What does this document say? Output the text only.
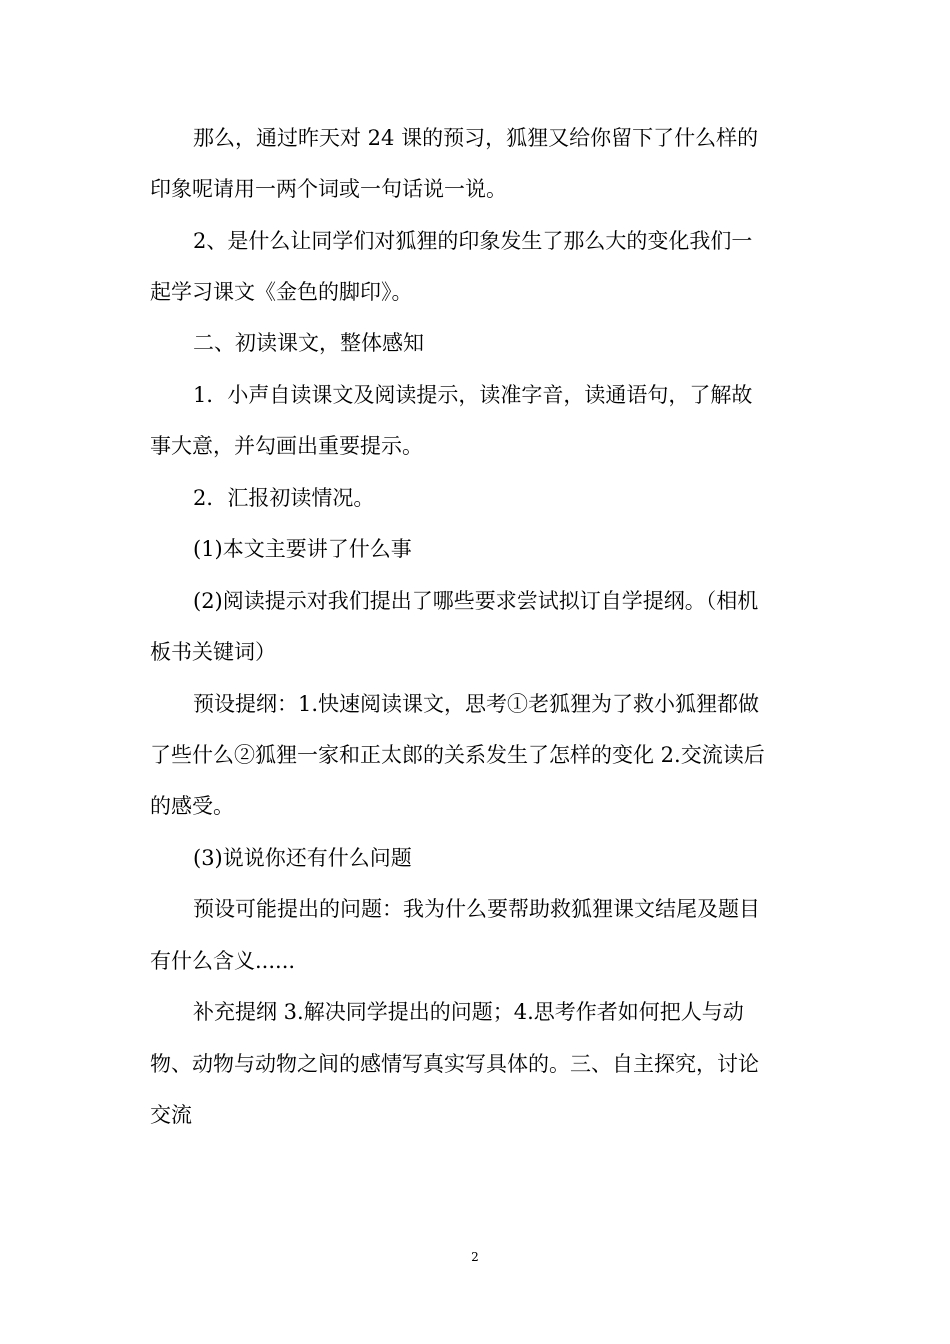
那么，通过昨天对 24 课的预习，狐狸又给你留下了什么样的
印象呢请用一两个词或一句话说一说。
2、是什么让同学们对狐狸的印象发生了那么大的变化我们一
起学习课文《金色的脚印》。
二、初读课文，整体感知
1．小声自读课文及阅读提示，读准字音，读通语句，了解故
事大意，并勾画出重要提示。
2．汇报初读情况。
(1)本文主要讲了什么事
(2)阅读提示对我们提出了哪些要求尝试拟订自学提纲。（相机
板书关键词）
预设提纲：1.快速阅读课文，思考①老狐狸为了救小狐狸都做
了些什么②狐狸一家和正太郎的关系发生了怎样的变化 2.交流读后
的感受。
(3)说说你还有什么问题
预设可能提出的问题：我为什么要帮助救狐狸课文结尾及题目
有什么含义......
补充提纲 3.解决同学提出的问题；4.思考作者如何把人与动
物、动物与动物之间的感情写真实写具体的。三、自主探究，讨论
交流
2
